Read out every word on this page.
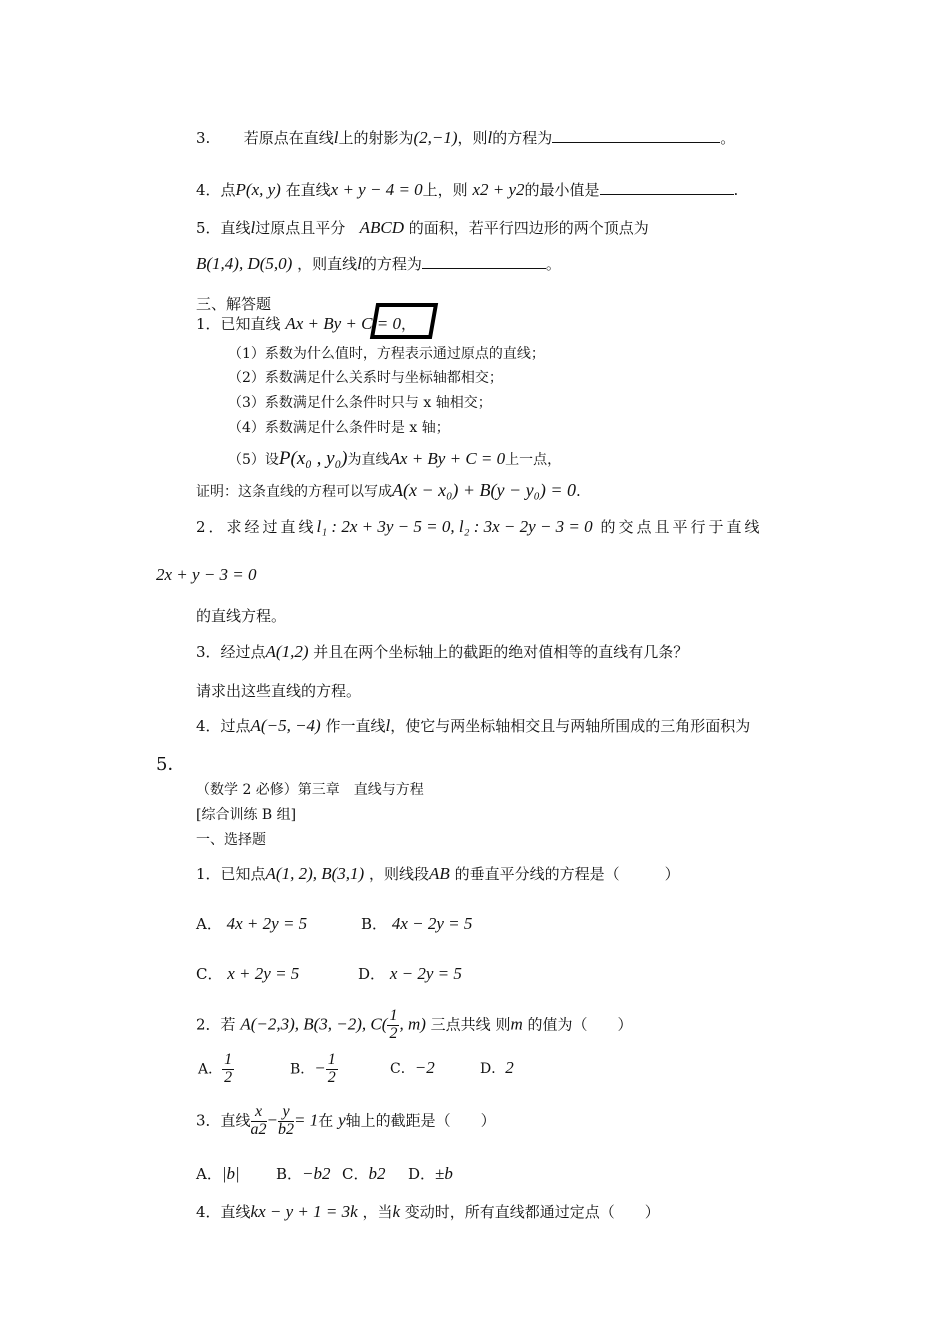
3. 若原点在直线l上的射影为(2,−1)，则l的方程为	。
4．点P(x, y) 在直线x + y − 4 = 0上，则 x2 + y2的最小值是	.
5．直线l过原点且平分 ABCD 的面积，若平行四边形的两个顶点为
B(1,4), D(5,0) ，则直线l的方程为	。
三、解答题
1．已知直线 Ax + By + C = 0，
（1）系数为什么值时，方程表示通过原点的直线；
（2）系数满足什么关系时与坐标轴都相交；
（3）系数满足什么条件时只与 x 轴相交；
（4）系数满足什么条件时是 x 轴；
（5）设P(x₀ , y₀)为直线Ax + By + C = 0上一点，
证明：这条直线的方程可以写成A(x − x₀) + B(y − y₀) = 0.
2．求经过直线l₁ : 2x + 3y − 5 = 0, l₂ : 3x − 2y − 3 = 0 的交点且平行于直线
2x + y − 3 = 0
的直线方程。
3．经过点A(1,2) 并且在两个坐标轴上的截距的绝对值相等的直线有几条？
请求出这些直线的方程。
4．过点A(−5, −4) 作一直线l，使它与两坐标轴相交且与两轴所围成的三角形面积为
5．
（数学 2 必修）第三章　直线与方程
[综合训练 B 组]
一、选择题
1．已知点A(1, 2), B(3,1) ，则线段AB 的垂直平分线的方程是（　　　）
A． 4x + 2y = 5	B． 4x − 2y = 5
C． x + 2y = 5	D． x − 2y = 5
2．若 A(−2,3), B(3, −2), $C( \frac{1}{2}$ , m) 三点共线 则m 的值为（　　）
A． $\frac{1}{2}$	B．− $\frac{1}{2}$	C．−2	D．2
3．直线 $\frac{x}{a2} - \frac{y}{b2} = 1$在 y轴上的截距是（　　）
A．|b| B．−b2 C．b2 D．±b
4．直线kx − y + 1 = 3k ，当k 变动时，所有直线都通过定点（　　）
